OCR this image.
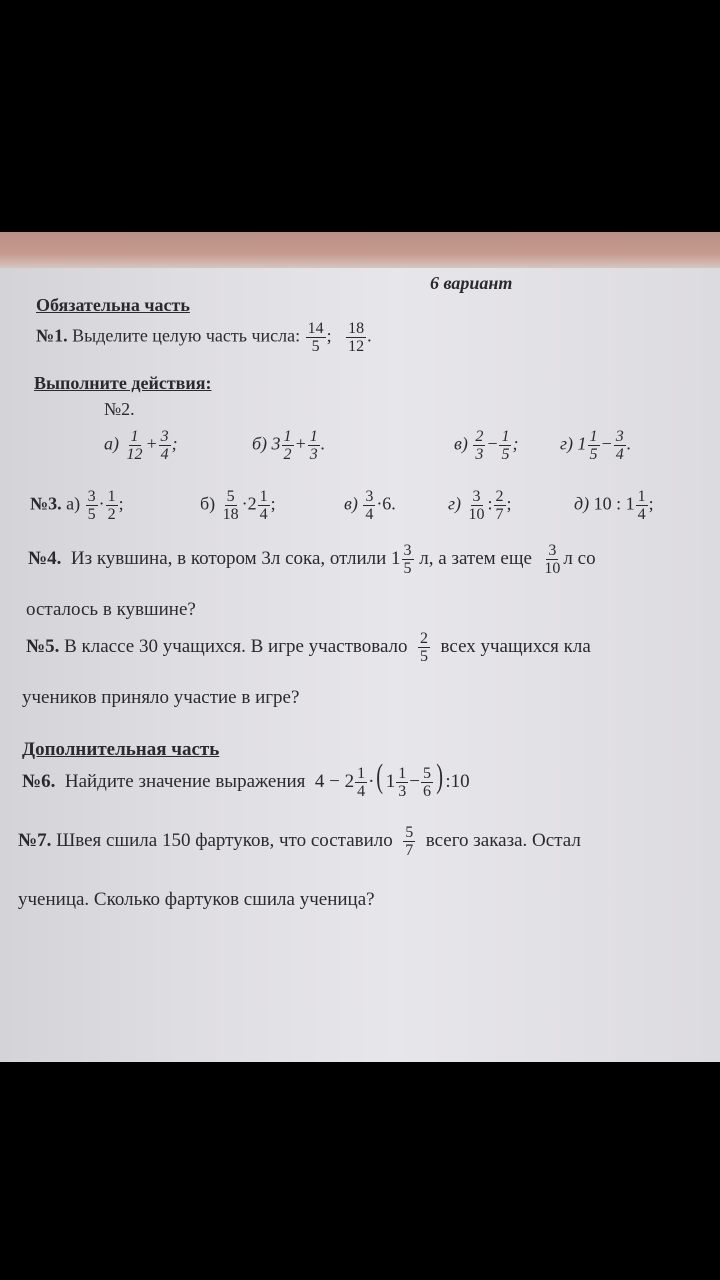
6 вариант
Обязательна часть
№1. Выделите целую часть числа: $\frac{14}{5}$ ; $\frac{18}{12}$ .
Выполните действия:
№2.
$а) \frac{1}{12} + \frac{3}{4}$ ;	б) $3 \frac{1}{2} + \frac{1}{3}$ .	$в) \frac{2}{3} - \frac{1}{5}$ ; г) $1 \frac{1}{5} - \frac{3}{4}$ .
№3. $а) \frac{3}{5} \cdot \frac{1}{2}$ ;	$б) \frac{5}{18} \cdot 2 \frac{1}{4}$ ;	$в) \frac{3}{4} \cdot 6$.	$г) \frac{3}{10}$ : $\frac{2}{7}$ ;	д) 10 : $1 \frac{1}{4}$ ;
№4. Из кувшина, в котором 3л сока, отлили $1 \frac{3}{5} л$, а затем еще $\frac{3}{10}$ л со
осталось в кувшине?
№5. В классе 30 учащихся. В игре участвовало $\frac{2}{5}$ всех учащихся кла
учеников приняло участие в игре?
Дополнительная часть
№6. Найдите значение выражения $4 - 2 \frac{1}{4}$ ·( $1 \frac{1}{3} - \frac{5}{6}$ ) :10
№7. Швея сшила 150 фартуков, что составило $\frac{5}{7}$ всего заказа. Остал
ученица. Сколько фартуков сшила ученица?
